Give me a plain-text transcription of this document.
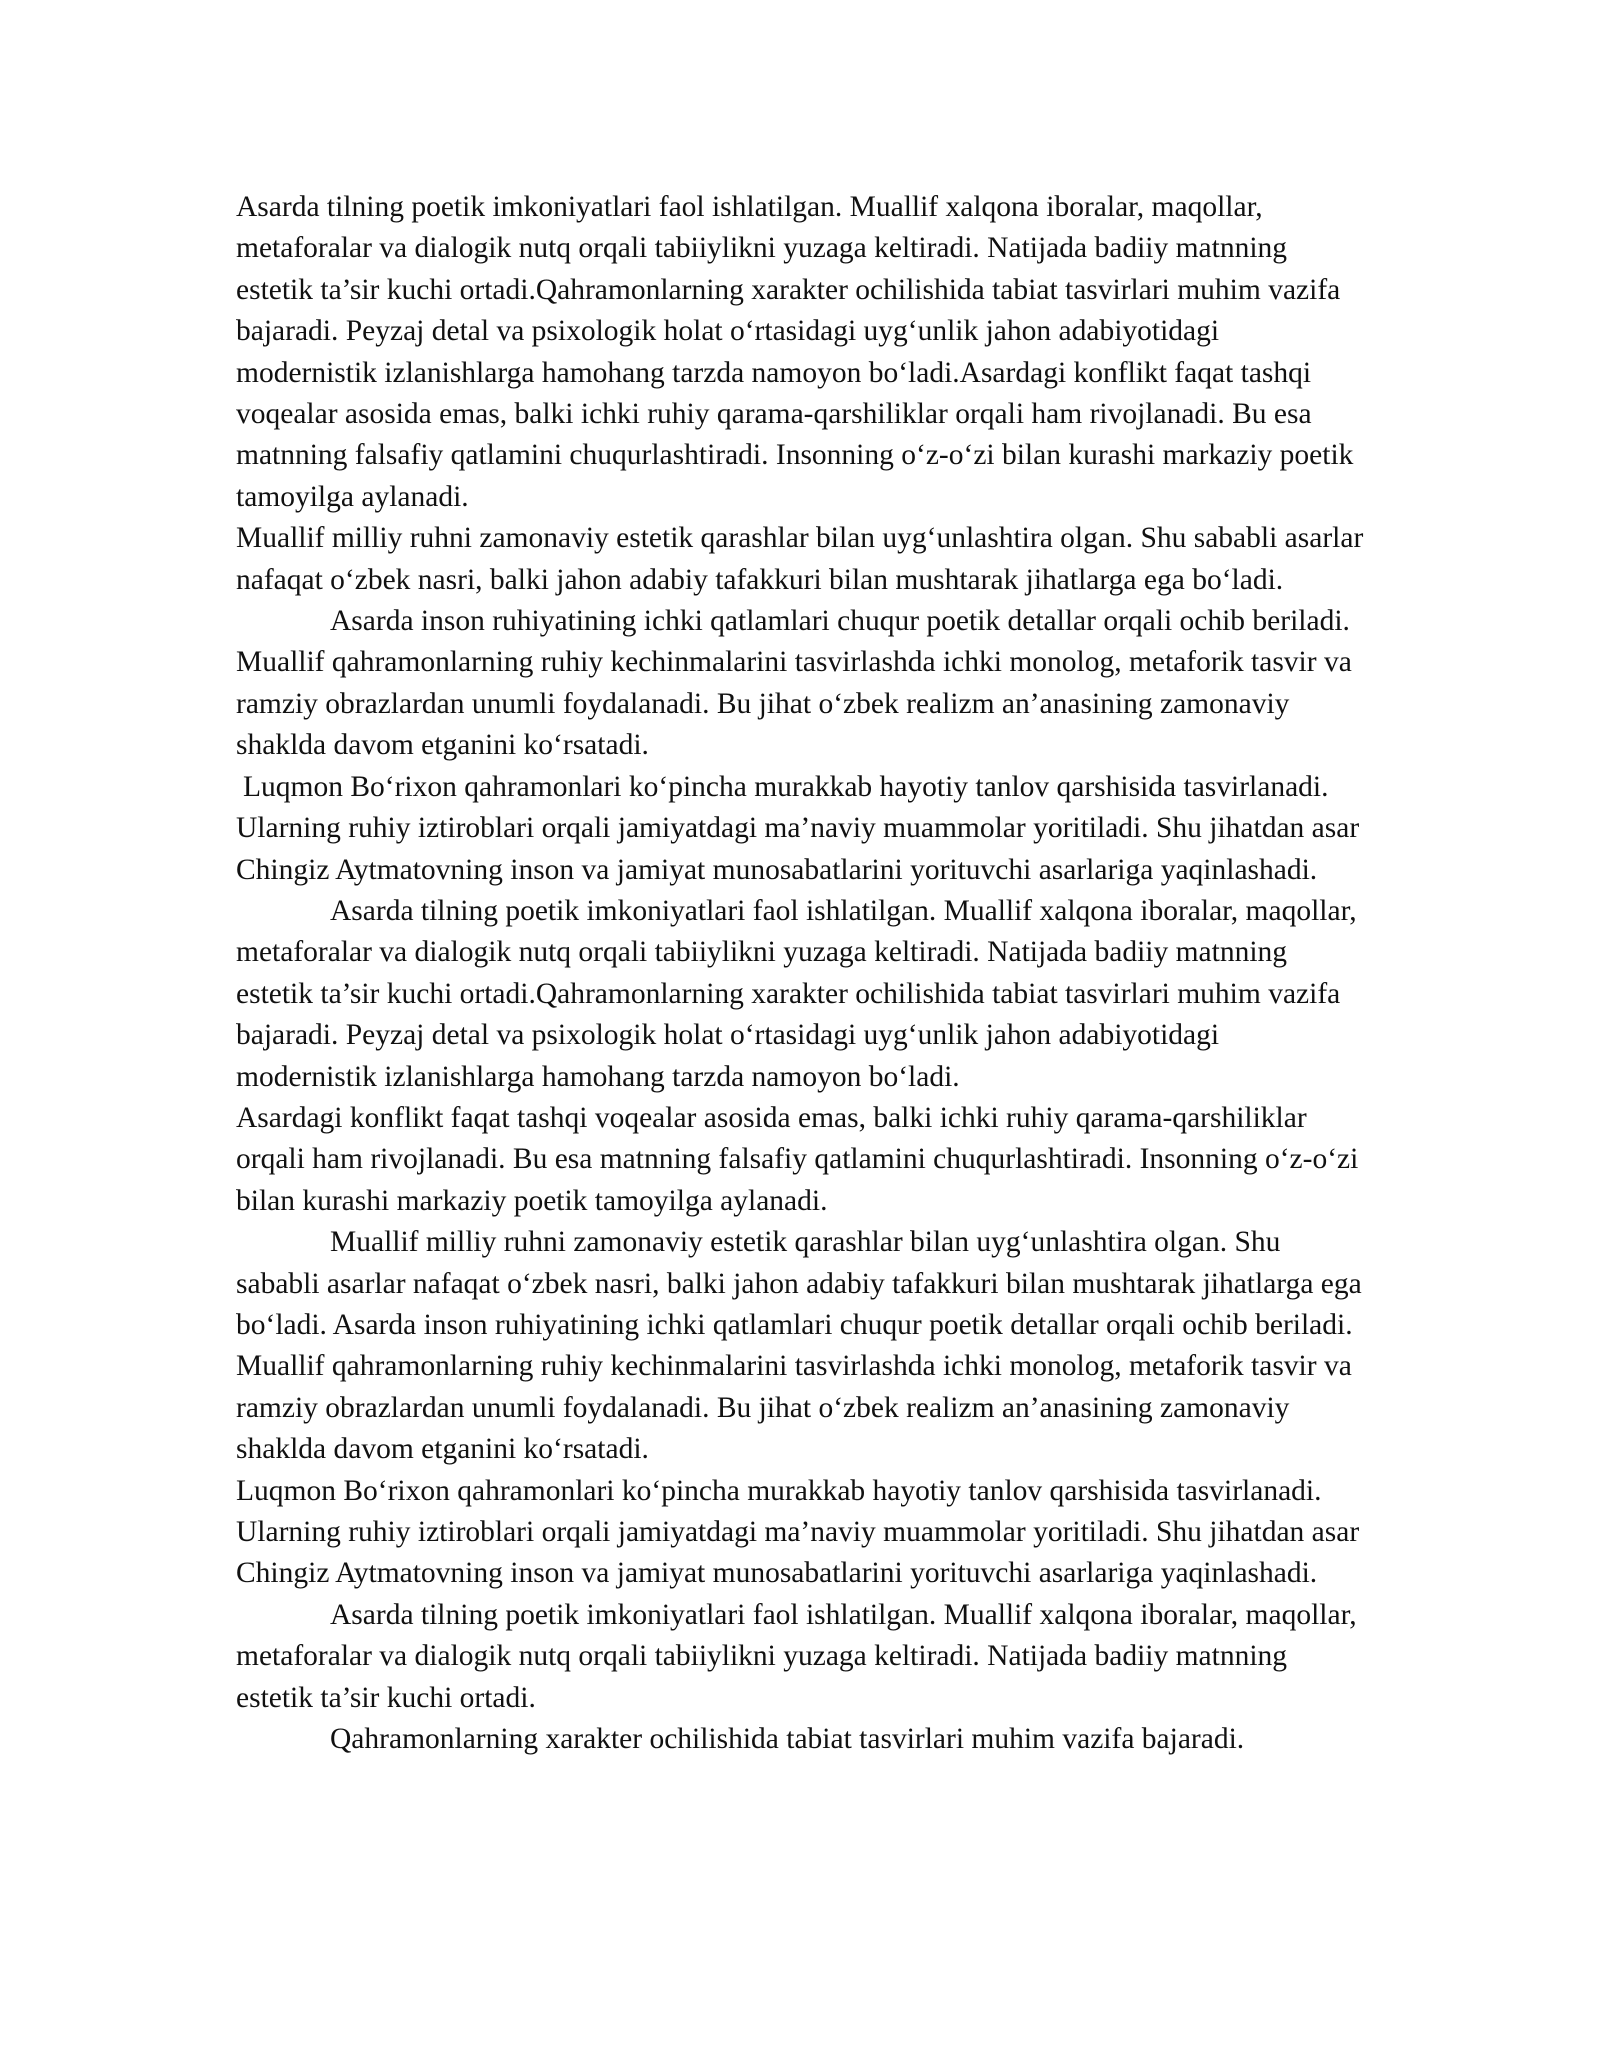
Asarda tilning poetik imkoniyatlari faol ishlatilgan. Muallif xalqona iboralar, maqollar, metaforalar va dialogik nutq orqali tabiiylikni yuzaga keltiradi. Natijada badiiy matnning estetik ta’sir kuchi ortadi.Qahramonlarning xarakter ochilishida tabiat tasvirlari muhim vazifa bajaradi. Peyzaj detal va psixologik holat oʻrtasidagi uygʻunlik jahon adabiyotidagi modernistik izlanishlarga hamohang tarzda namoyon boʻladi.Asardagi konflikt faqat tashqi voqealar asosida emas, balki ichki ruhiy qarama-qarshiliklar orqali ham rivojlanadi. Bu esa matnning falsafiy qatlamini chuqurlashtiradi. Insonning oʻz-oʻzi bilan kurashi markaziy poetik tamoyilga aylanadi.

Muallif milliy ruhni zamonaviy estetik qarashlar bilan uygʻunlashtira olgan. Shu sababli asarlar nafaqat oʻzbek nasri, balki jahon adabiy tafakkuri bilan mushtarak jihatlarga ega boʻladi.

Asarda inson ruhiyatining ichki qatlamlari chuqur poetik detallar orqali ochib beriladi. Muallif qahramonlarning ruhiy kechinmalarini tasvirlashda ichki monolog, metaforik tasvir va ramziy obrazlardan unumli foydalanadi. Bu jihat oʻzbek realizm an’anasining zamonaviy shaklda davom etganini koʻrsatadi.

Luqmon Boʻrixon qahramonlari koʻpincha murakkab hayotiy tanlov qarshisida tasvirlanadi. Ularning ruhiy iztiroblari orqali jamiyatdagi ma’naviy muammolar yoritiladi. Shu jihatdan asar Chingiz Aytmatovning inson va jamiyat munosabatlarini yorituvchi asarlariga yaqinlashadi.

Asarda tilning poetik imkoniyatlari faol ishlatilgan. Muallif xalqona iboralar, maqollar, metaforalar va dialogik nutq orqali tabiiylikni yuzaga keltiradi. Natijada badiiy matnning estetik ta’sir kuchi ortadi.Qahramonlarning xarakter ochilishida tabiat tasvirlari muhim vazifa bajaradi. Peyzaj detal va psixologik holat oʻrtasidagi uygʻunlik jahon adabiyotidagi modernistik izlanishlarga hamohang tarzda namoyon boʻladi.

Asardagi konflikt faqat tashqi voqealar asosida emas, balki ichki ruhiy qarama-qarshiliklar orqali ham rivojlanadi. Bu esa matnning falsafiy qatlamini chuqurlashtiradi. Insonning oʻz-oʻzi bilan kurashi markaziy poetik tamoyilga aylanadi.

Muallif milliy ruhni zamonaviy estetik qarashlar bilan uygʻunlashtira olgan. Shu sababli asarlar nafaqat oʻzbek nasri, balki jahon adabiy tafakkuri bilan mushtarak jihatlarga ega boʻladi. Asarda inson ruhiyatining ichki qatlamlari chuqur poetik detallar orqali ochib beriladi. Muallif qahramonlarning ruhiy kechinmalarini tasvirlashda ichki monolog, metaforik tasvir va ramziy obrazlardan unumli foydalanadi. Bu jihat oʻzbek realizm an’anasining zamonaviy shaklda davom etganini koʻrsatadi.

Luqmon Boʻrixon qahramonlari koʻpincha murakkab hayotiy tanlov qarshisida tasvirlanadi. Ularning ruhiy iztiroblari orqali jamiyatdagi ma’naviy muammolar yoritiladi. Shu jihatdan asar Chingiz Aytmatovning inson va jamiyat munosabatlarini yorituvchi asarlariga yaqinlashadi.

Asarda tilning poetik imkoniyatlari faol ishlatilgan. Muallif xalqona iboralar, maqollar, metaforalar va dialogik nutq orqali tabiiylikni yuzaga keltiradi. Natijada badiiy matnning estetik ta’sir kuchi ortadi.

Qahramonlarning xarakter ochilishida tabiat tasvirlari muhim vazifa bajaradi.
